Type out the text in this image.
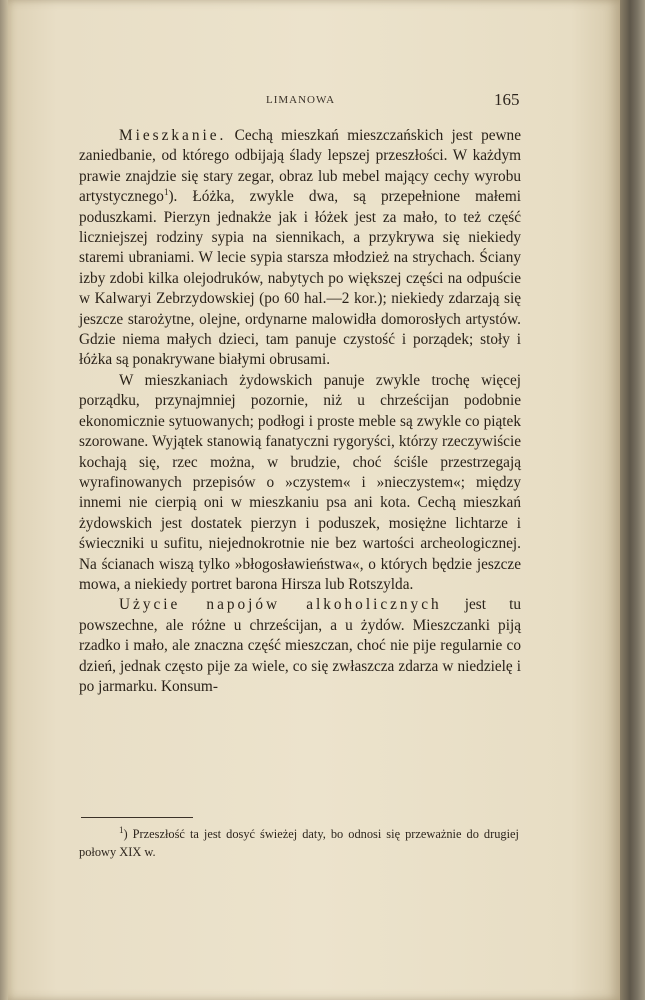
LIMANOWA	165

Mieszkanie. Cechą mieszkań mieszczańskich jest pewne zaniedbanie, od którego odbijają ślady lepszej przeszłości. W każdym prawie znajdzie się stary zegar, obraz lub mebel mający cechy wyrobu artystycznego$^1$). Łóżka, zwykle dwa, są przepełnione małemi poduszkami. Pierzyn jednakże jak i łóżek jest za mało, to też część liczniejszej rodziny sypia na siennikach, a przykrywa się niekiedy staremi ubraniami. W lecie sypia starsza młodzież na strychach. Ściany izby zdobi kilka olejodruków, nabytych po większej części na odpuście w Kalwaryi Zebrzydowskiej (po 60 hal.—2 kor.); niekiedy zdarzają się jeszcze starożytne, olejne, ordynarne malowidła domorosłych artystów. Gdzie niema małych dzieci, tam panuje czystość i porządek; stoły i łóżka są ponakrywane białymi obrusami.

W mieszkaniach żydowskich panuje zwykle trochę więcej porządku, przynajmniej pozornie, niż u chrześcijan podobnie ekonomicznie sytuowanych; podłogi i proste meble są zwykle co piątek szorowane. Wyjątek stanowią fanatyczni rygoryści, którzy rzeczywiście kochają się, rzec można, w brudzie, choć ściśle przestrzegają wyrafinowanych przepisów o »czystem« i »nieczystem«; między innemi nie cierpią oni w mieszkaniu psa ani kota. Cechą mieszkań żydowskich jest dostatek pierzyn i poduszek, mosiężne lichtarze i świeczniki u sufitu, niejednokrotnie nie bez wartości archeologicznej. Na ścianach wiszą tylko »błogosławieństwa«, o których będzie jeszcze mowa, a niekiedy portret barona Hirsza lub Rotszylda.

Użycie napojów alkoholicznych jest tu powszechne, ale różne u chrześcijan, a u żydów. Mieszczanki piją rzadko i mało, ale znaczna część mieszczan, choć nie pije regularnie co dzień, jednak często pije za wiele, co się zwłaszcza zdarza w niedzielę i po jarmarku. Konsum-

$^1$) Przeszłość ta jest dosyć świeżej daty, bo odnosi się przeważnie do drugiej połowy XIX w.
